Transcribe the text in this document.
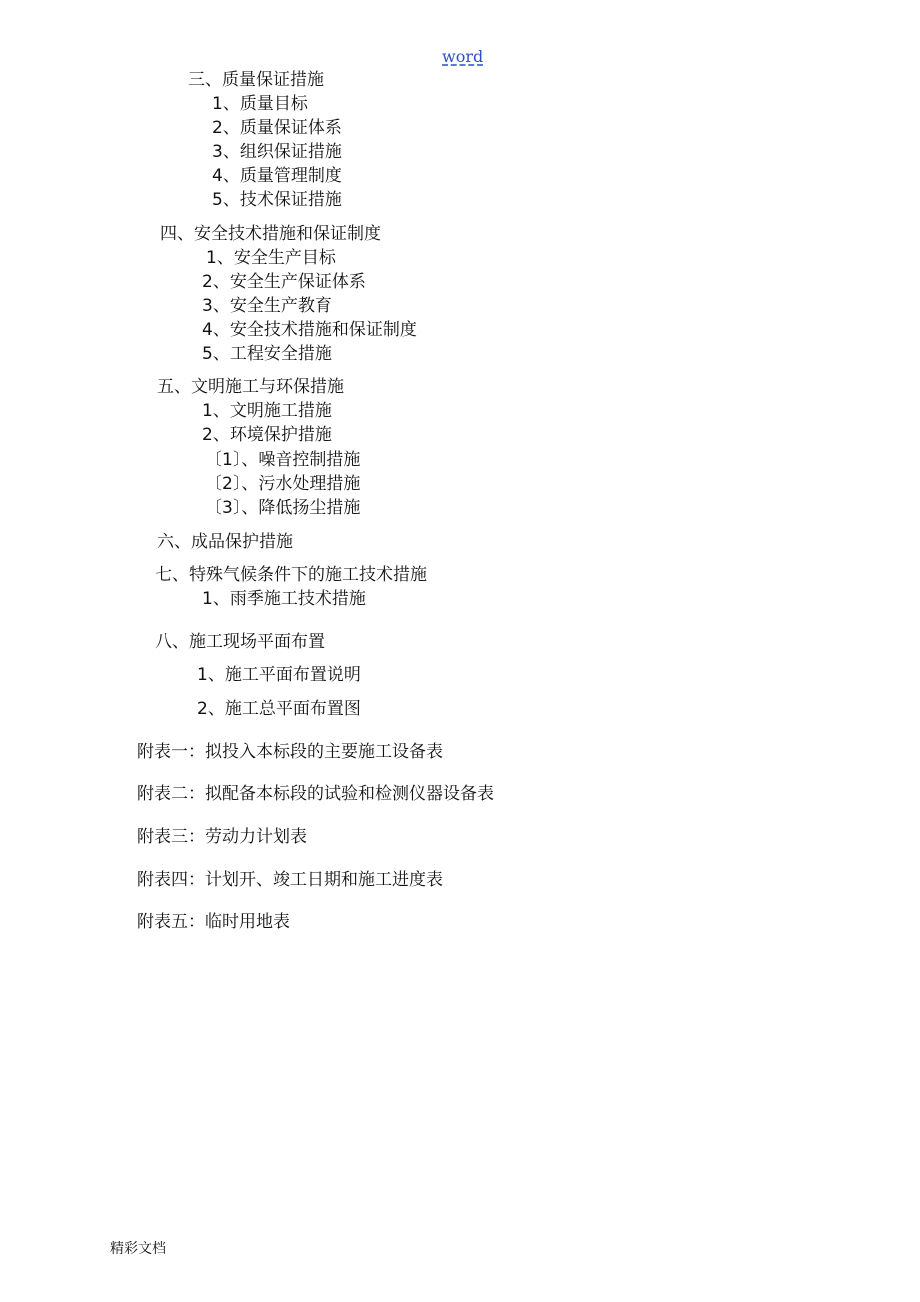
word
三、质量保证措施
1、质量目标
2、质量保证体系
3、组织保证措施
4、质量管理制度
5、技术保证措施
四、安全技术措施和保证制度
1、安全生产目标
2、安全生产保证体系
3、安全生产教育
4、安全技术措施和保证制度
5、工程安全措施
五、文明施工与环保措施
1、文明施工措施
2、环境保护措施
〔1〕、噪音控制措施
〔2〕、污水处理措施
〔3〕、降低扬尘措施
六、成品保护措施
七、特殊气候条件下的施工技术措施
1、雨季施工技术措施
八、施工现场平面布置
1、施工平面布置说明
2、施工总平面布置图
附表一：拟投入本标段的主要施工设备表
附表二：拟配备本标段的试验和检测仪器设备表
附表三：劳动力计划表
附表四：计划开、竣工日期和施工进度表
附表五：临时用地表
精彩文档
